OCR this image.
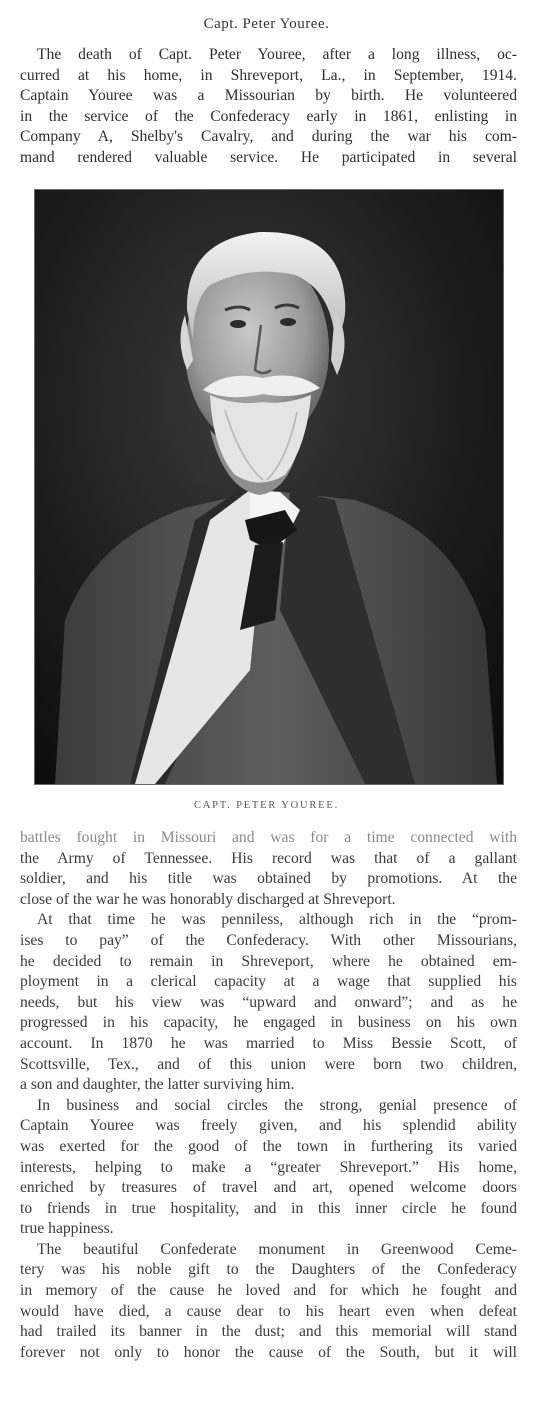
Capt. Peter Youree.

The death of Capt. Peter Youree, after a long illness, oc-

curred at his home, in Shreveport, La., in September, 1914.

Captain Youree was a Missourian by birth. He volunteered

in the service of the Confederacy early in 1861, enlisting in

Company A, Shelby's Cavalry, and during the war his com-

mand rendered valuable service. He participated in several

CAPT. PETER YOUREE.

battles fought in Missouri and was for a time connected with

the Army of Tennessee. His record was that of a gallant

soldier, and his title was obtained by promotions. At the

close of the war he was honorably discharged at Shreveport.

At that time he was penniless, although rich in the “prom-

ises to pay” of the Confederacy. With other Missourians,

he decided to remain in Shreveport, where he obtained em-

ployment in a clerical capacity at a wage that supplied his

needs, but his view was “upward and onward”; and as he

progressed in his capacity, he engaged in business on his own

account. In 1870 he was married to Miss Bessie Scott, of

Scottsville, Tex., and of this union were born two children,

a son and daughter, the latter surviving him.

In business and social circles the strong, genial presence of

Captain Youree was freely given, and his splendid ability

was exerted for the good of the town in furthering its varied

interests, helping to make a “greater Shreveport.” His home,

enriched by treasures of travel and art, opened welcome doors

to friends in true hospitality, and in this inner circle he found

true happiness.

The beautiful Confederate monument in Greenwood Ceme-

tery was his noble gift to the Daughters of the Confederacy

in memory of the cause he loved and for which he fought and

would have died, a cause dear to his heart even when defeat

had trailed its banner in the dust; and this memorial will stand

forever not only to honor the cause of the South, but it will
